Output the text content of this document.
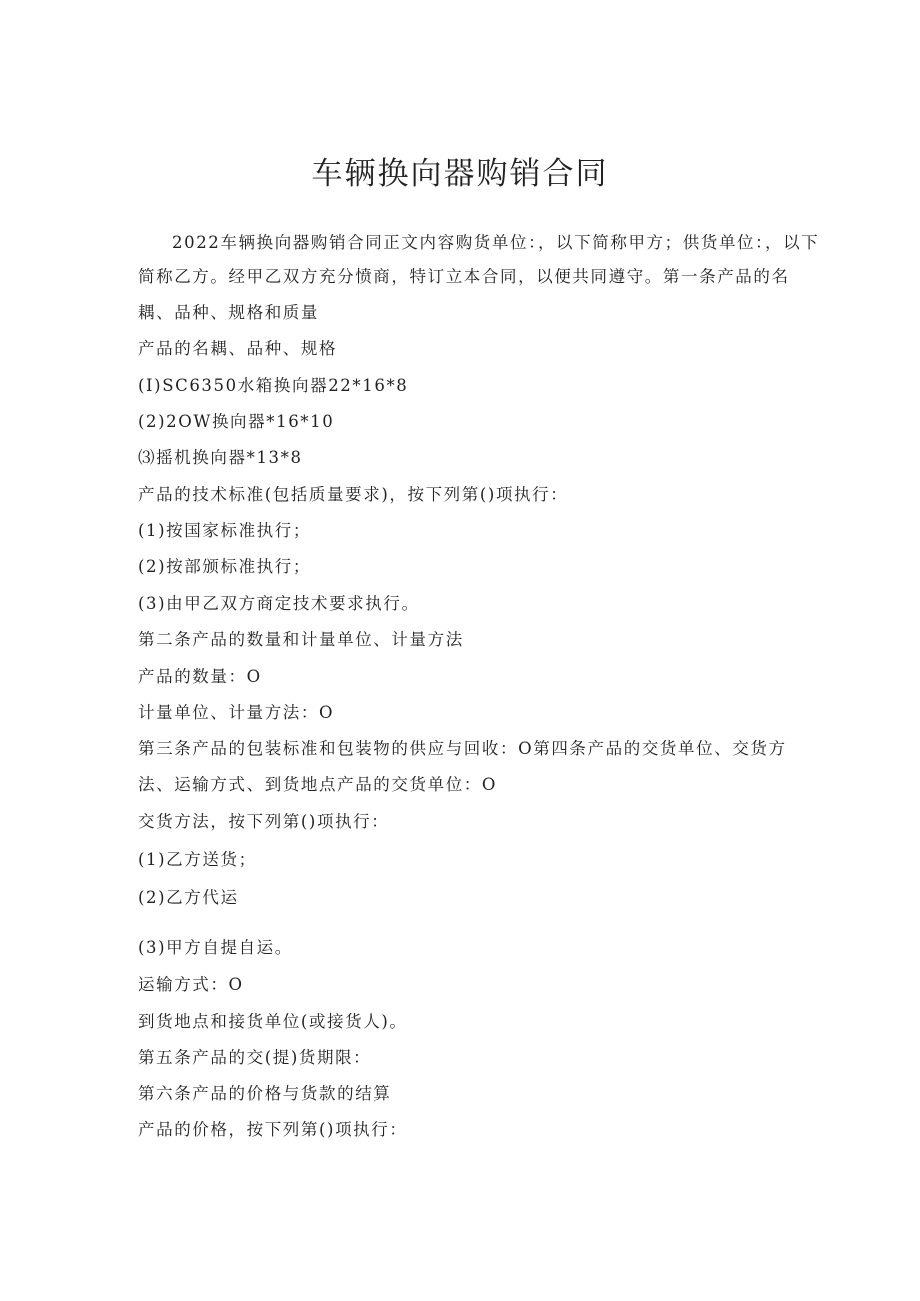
车辆换向器购销合同
2022车辆换向器购销合同正文内容购货单位：，以下简称甲方；供货单位：，以下
简称乙方。经甲乙双方充分愤商，特订立本合同，以便共同遵守。第一条产品的名
耦、品种、规格和质量
产品的名耦、品种、规格
(I)SC6350水箱换向器22*16*8
(2)2OW换向器*16*10
⑶摇机换向器*13*8
产品的技术标准(包括质量要求)，按下列第()项执行：
(1)按国家标准执行；
(2)按部颁标准执行；
(3)由甲乙双方商定技术要求执行。
第二条产品的数量和计量单位、计量方法
产品的数量：O
计量单位、计量方法：O
第三条产品的包装标准和包装物的供应与回收：O第四条产品的交货单位、交货方
法、运输方式、到货地点产品的交货单位：O
交货方法，按下列第()项执行：
(1)乙方送货；
(2)乙方代运
(3)甲方自提自运。
运输方式：O
到货地点和接货单位(或接货人)。
第五条产品的交(提)货期限：
第六条产品的价格与货款的结算
产品的价格，按下列第()项执行：
